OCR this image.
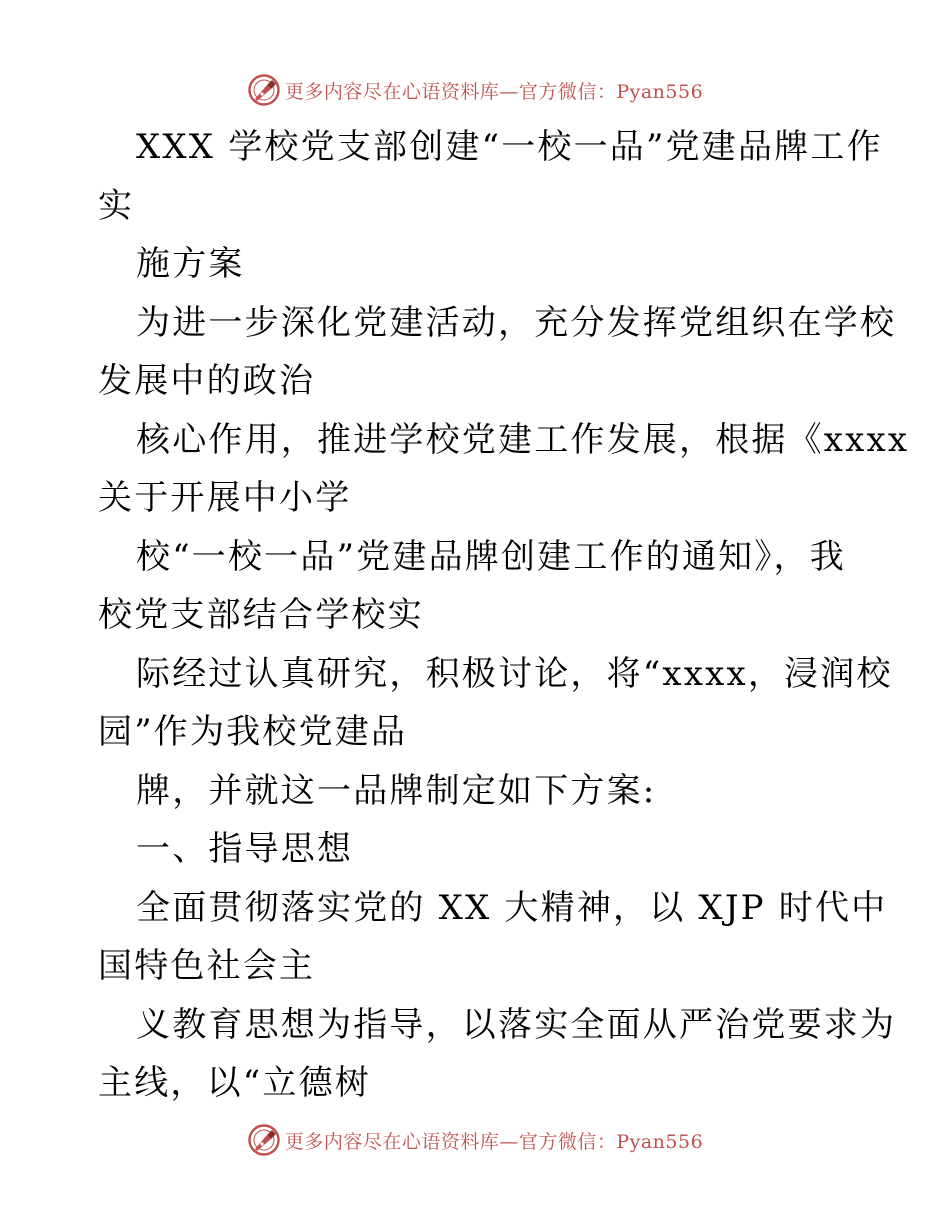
更多内容尽在心语资料库—官方微信：Pyan556
XXX 学校党支部创建“一校一品”党建品牌工作
实
施方案
为进一步深化党建活动，充分发挥党组织在学校
发展中的政治
核心作用，推进学校党建工作发展，根据《xxxx
关于开展中小学
校“一校一品”党建品牌创建工作的通知》，我
校党支部结合学校实
际经过认真研究，积极讨论，将“xxxx，浸润校
园”作为我校党建品
牌，并就这一品牌制定如下方案:
一、指导思想
全面贯彻落实党的 XX 大精神，以 XJP 时代中
国特色社会主
义教育思想为指导，以落实全面从严治党要求为
主线，以“立德树
更多内容尽在心语资料库—官方微信：Pyan556
